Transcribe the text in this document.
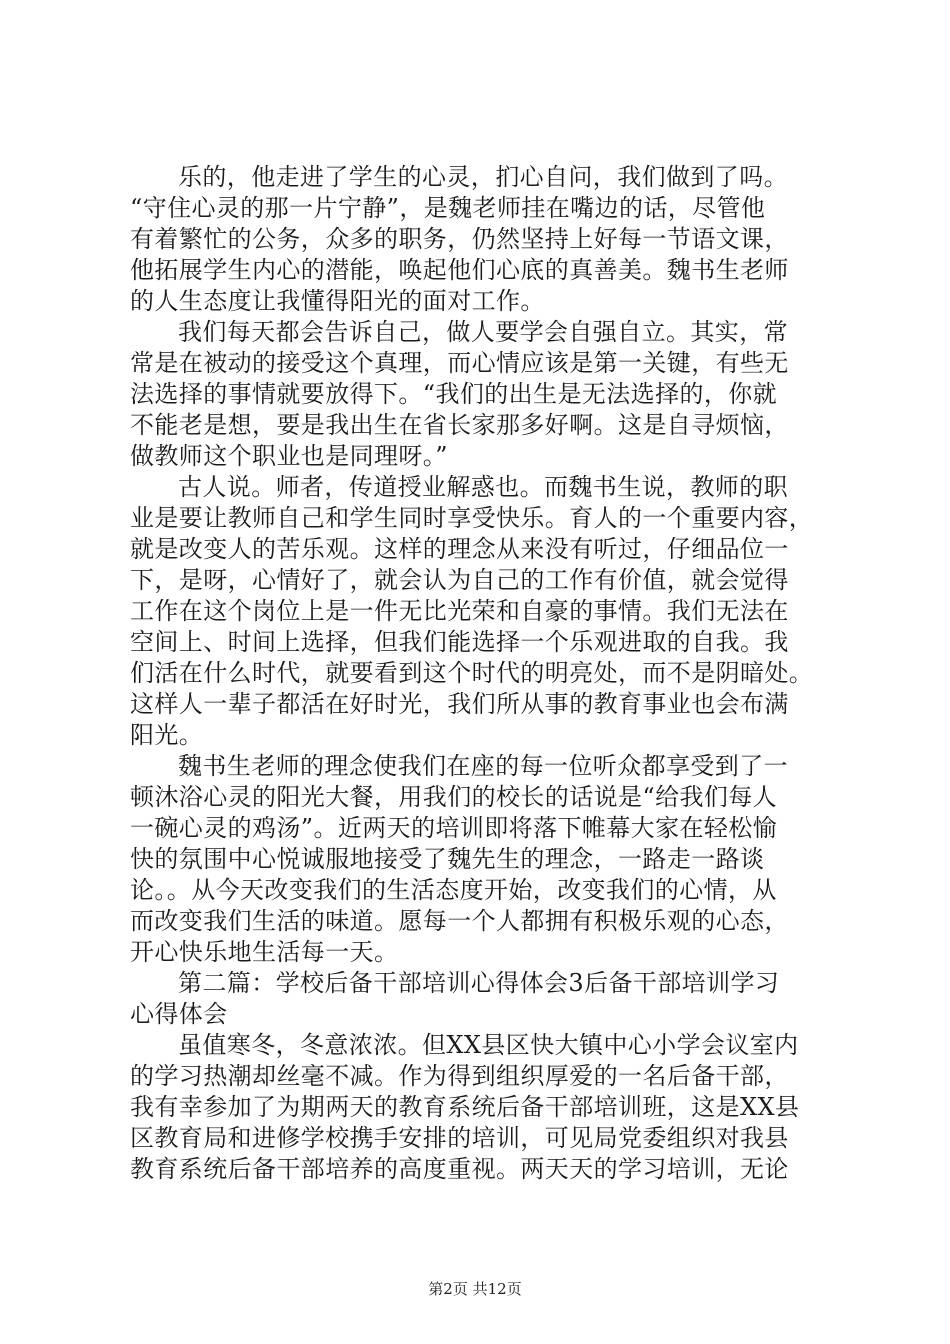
乐的，他走进了学生的心灵，扪心自问，我们做到了吗。
“守住心灵的那一片宁静”，是魏老师挂在嘴边的话，尽管他
有着繁忙的公务，众多的职务，仍然坚持上好每一节语文课，
他拓展学生内心的潜能，唤起他们心底的真善美。魏书生老师
的人生态度让我懂得阳光的面对工作。
我们每天都会告诉自己，做人要学会自强自立。其实，常
常是在被动的接受这个真理，而心情应该是第一关键，有些无
法选择的事情就要放得下。“我们的出生是无法选择的，你就
不能老是想，要是我出生在省长家那多好啊。这是自寻烦恼，
做教师这个职业也是同理呀。”
古人说。师者，传道授业解惑也。而魏书生说，教师的职
业是要让教师自己和学生同时享受快乐。育人的一个重要内容，
就是改变人的苦乐观。这样的理念从来没有听过，仔细品位一
下，是呀，心情好了，就会认为自己的工作有价值，就会觉得
工作在这个岗位上是一件无比光荣和自豪的事情。我们无法在
空间上、时间上选择，但我们能选择一个乐观进取的自我。我
们活在什么时代，就要看到这个时代的明亮处，而不是阴暗处。
这样人一辈子都活在好时光，我们所从事的教育事业也会布满
阳光。
魏书生老师的理念使我们在座的每一位听众都享受到了一
顿沐浴心灵的阳光大餐，用我们的校长的话说是“给我们每人
一碗心灵的鸡汤”。近两天的培训即将落下帷幕大家在轻松愉
快的氛围中心悦诚服地接受了魏先生的理念，一路走一路谈
论。。从今天改变我们的生活态度开始，改变我们的心情，从
而改变我们生活的味道。愿每一个人都拥有积极乐观的心态，
开心快乐地生活每一天。
第二篇：学校后备干部培训心得体会3后备干部培训学习
心得体会
虽值寒冬，冬意浓浓。但XX县区快大镇中心小学会议室内
的学习热潮却丝毫不减。作为得到组织厚爱的一名后备干部，
我有幸参加了为期两天的教育系统后备干部培训班，这是XX县
区教育局和进修学校携手安排的培训，可见局党委组织对我县
教育系统后备干部培养的高度重视。两天天的学习培训，无论
第2页 共12页
